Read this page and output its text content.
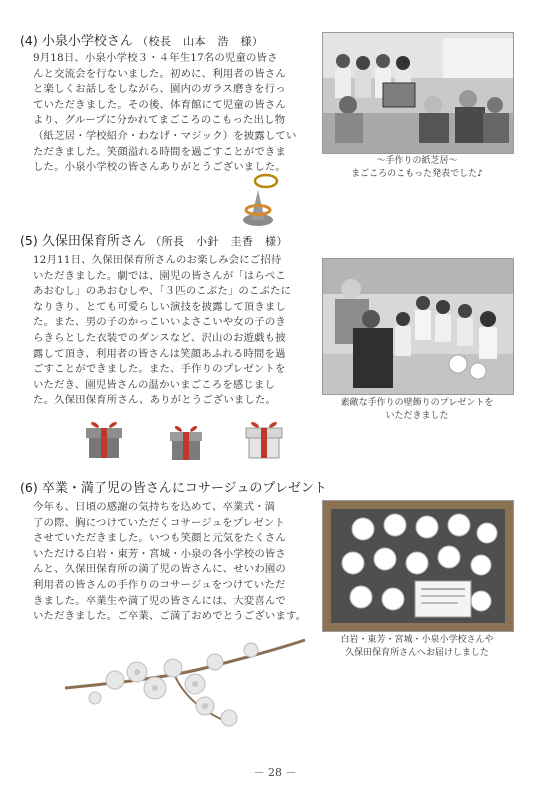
(4) 小泉小学校さん （校長　山本　浩　様）

9月18日、小泉小学校３・４年生17名の児童の皆さ

んと交流会を行ないました。初めに、利用者の皆さん

と楽しくお話しをしながら、園内のガラス磨きを行っ

ていただきました。その後、体育館にて児童の皆さん

より、グループに分かれてまごころのこもった出し物

（紙芝居・学校紹介・わなげ・マジック）を披露してい

ただきました。笑顔溢れる時間を過ごすことができま

した。小泉小学校の皆さんありがとうございました。

～手作りの紙芝居～

まごころのこもった発表でした♪

(5) 久保田保育所さん （所長　小針　圭香　様）

12月11日、久保田保育所さんのお楽しみ会にご招待

いただきました。劇では、園児の皆さんが「はらぺこ

あおむし」のあおむしや、「３匹のこぶた」のこぶたに

なりきり、とても可愛らしい演技を披露して頂きまし

た。また、男の子のかっこいいよさこいや女の子のき

らきらとした衣装でのダンスなど、沢山のお遊戯も披

露して頂き、利用者の皆さんは笑顔あふれる時間を過

ごすことができました。また、手作りのプレゼントを

いただき、園児皆さんの温かいまごころを感じまし

た。久保田保育所さん、ありがとうございました。	素敵な手作りの壁飾りのプレゼントを

いただきました

(6) 卒業・満了児の皆さんにコサージュのプレゼント

今年も、日頃の感謝の気持ちを込めて、卒業式・満

了の際、胸につけていただくコサージュをプレゼント

させていただきました。いつも笑顔と元気をたくさん

いただける白岩・東芳・宮城・小泉の各小学校の皆さ

んと、久保田保育所の満了児の皆さんに、せいわ園の

利用者の皆さんの手作りのコサージュをつけていただ

きました。卒業生や満了児の皆さんには、大変喜んで

いただきました。ご卒業、ご満了おめでとうございます。

白岩・東芳・宮城・小泉小学校さんや

久保田保育所さんへお届けしました

－ 28 －
